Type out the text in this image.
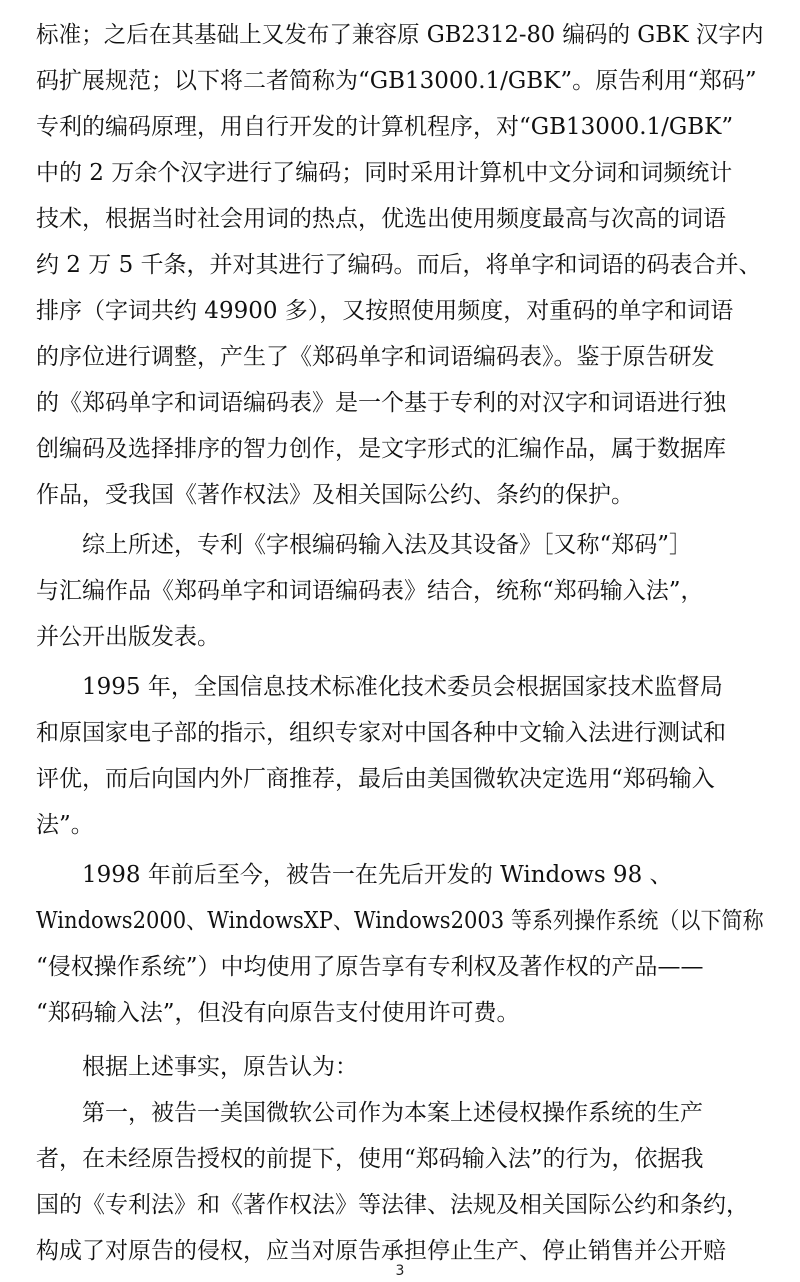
标准；之后在其基础上又发布了兼容原 GB2312-80 编码的 GBK 汉字内
码扩展规范；以下将二者简称为“GB13000.1/GBK”。原告利用“郑码”
专利的编码原理，用自行开发的计算机程序，对“GB13000.1/GBK”
中的 2 万余个汉字进行了编码；同时采用计算机中文分词和词频统计
技术，根据当时社会用词的热点，优选出使用频度最高与次高的词语
约 2 万 5 千条，并对其进行了编码。而后，将单字和词语的码表合并、
排序（字词共约 49900 多），又按照使用频度，对重码的单字和词语
的序位进行调整，产生了《郑码单字和词语编码表》。鉴于原告研发
的《郑码单字和词语编码表》是一个基于专利的对汉字和词语进行独
创编码及选择排序的智力创作，是文字形式的汇编作品，属于数据库
作品，受我国《著作权法》及相关国际公约、条约的保护。
　　综上所述，专利《字根编码输入法及其设备》［又称“郑码”］
与汇编作品《郑码单字和词语编码表》结合，统称“郑码输入法”，
并公开出版发表。
　　1995 年，全国信息技术标准化技术委员会根据国家技术监督局
和原国家电子部的指示，组织专家对中国各种中文输入法进行测试和
评优，而后向国内外厂商推荐，最后由美国微软决定选用“郑码输入
法”。
　　1998 年前后至今，被告一在先后开发的 Windows 98 、
Windows2000、WindowsXP、Windows2003 等系列操作系统（以下简称
“侵权操作系统”）中均使用了原告享有专利权及著作权的产品——
“郑码输入法”，但没有向原告支付使用许可费。
　　根据上述事实，原告认为：
　　第一，被告一美国微软公司作为本案上述侵权操作系统的生产
者，在未经原告授权的前提下，使用“郑码输入法”的行为，依据我
国的《专利法》和《著作权法》等法律、法规及相关国际公约和条约，
构成了对原告的侵权，应当对原告承担停止生产、停止销售并公开赔
3
